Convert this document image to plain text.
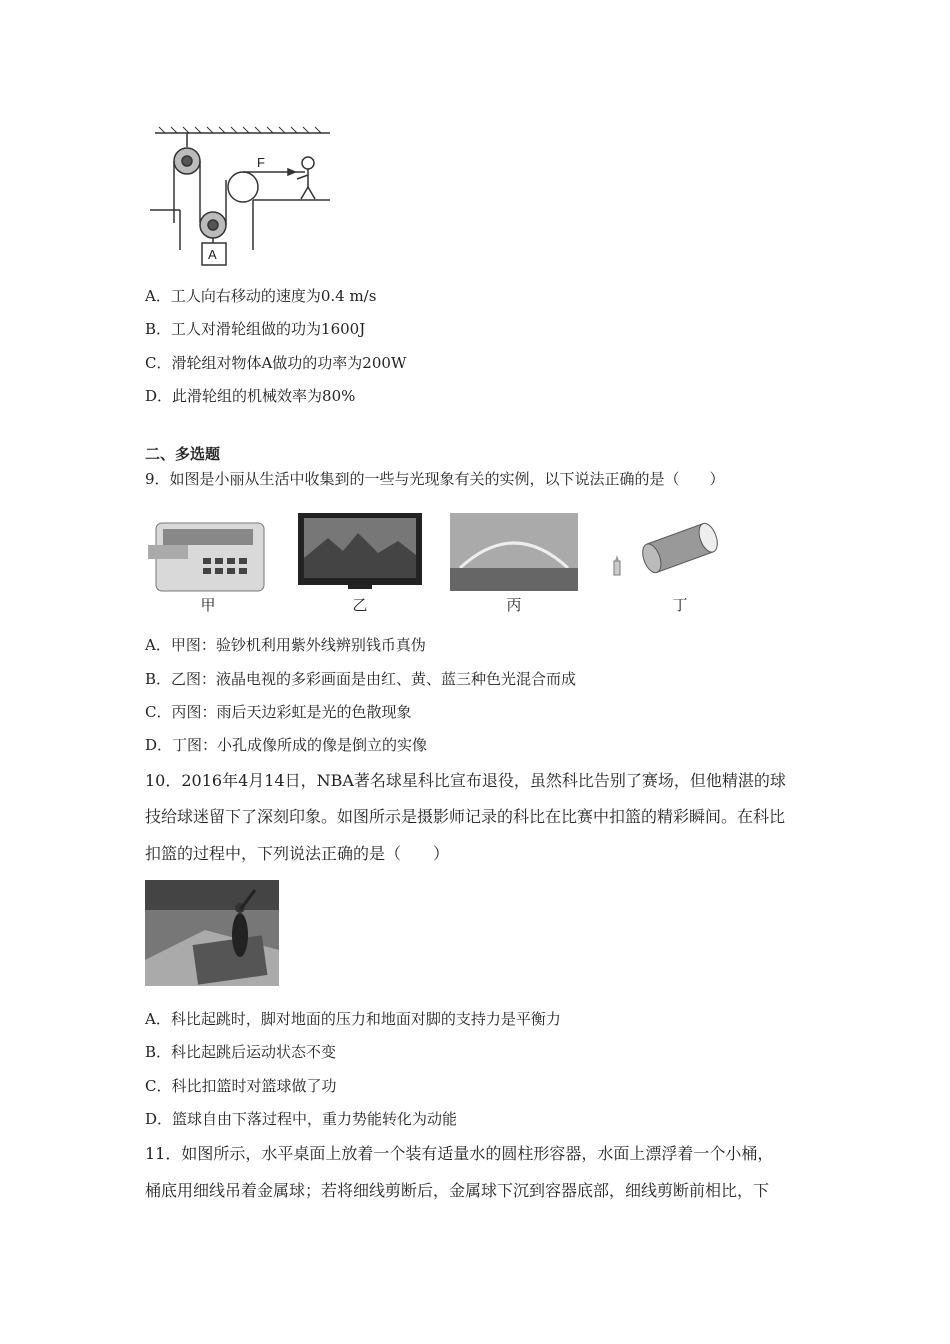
F
A
A．工人向右移动的速度为0.4 m/s
B．工人对滑轮组做的功为1600J
C．滑轮组对物体A做功的功率为200W
D．此滑轮组的机械效率为80%
二、多选题
9．如图是小丽从生活中收集到的一些与光现象有关的实例，以下说法正确的是（　　）
甲	乙	丙	丁
A．甲图：验钞机利用紫外线辨别钱币真伪
B．乙图：液晶电视的多彩画面是由红、黄、蓝三种色光混合而成
C．丙图：雨后天边彩虹是光的色散现象
D．丁图：小孔成像所成的像是倒立的实像
10．2016年4月14日，NBA著名球星科比宣布退役，虽然科比告别了赛场，但他精湛的球
技给球迷留下了深刻印象。如图所示是摄影师记录的科比在比赛中扣篮的精彩瞬间。在科比
扣篮的过程中，下列说法正确的是（　　）
A．科比起跳时，脚对地面的压力和地面对脚的支持力是平衡力
B．科比起跳后运动状态不变
C．科比扣篮时对篮球做了功
D．篮球自由下落过程中，重力势能转化为动能
11．如图所示，水平桌面上放着一个装有适量水的圆柱形容器，水面上漂浮着一个小桶，
桶底用细线吊着金属球；若将细线剪断后，金属球下沉到容器底部，细线剪断前相比，下
